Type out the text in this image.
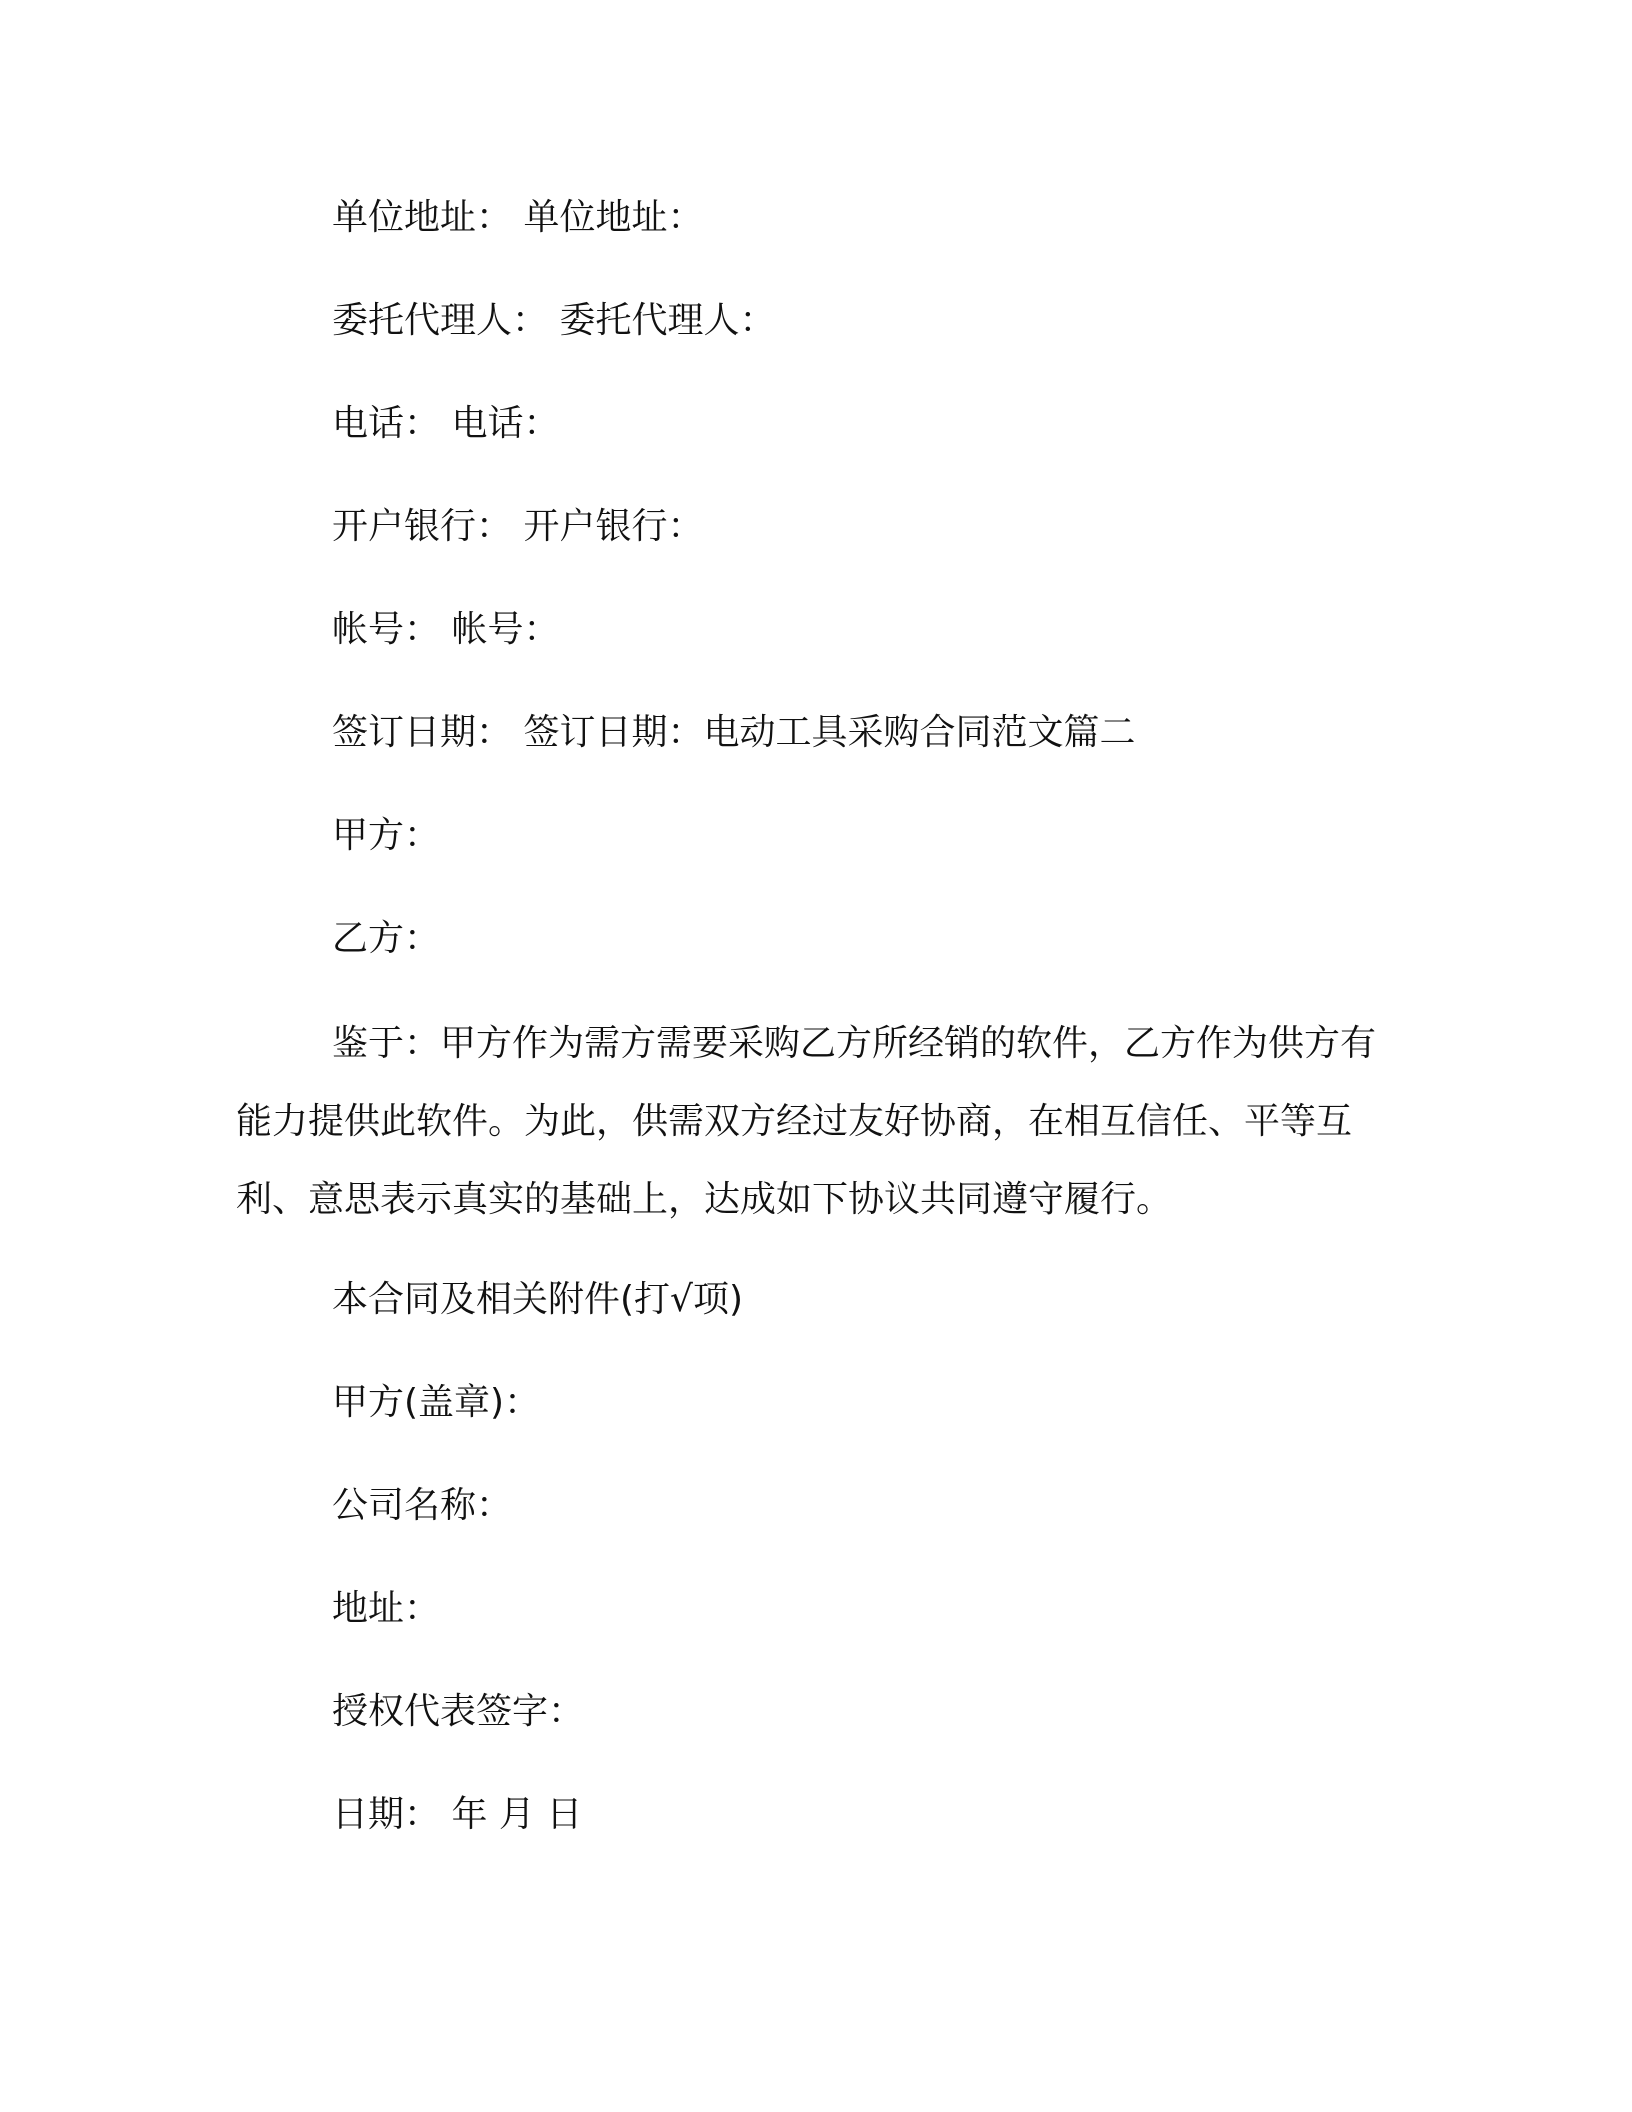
单位地址： 单位地址：
委托代理人： 委托代理人：
电话： 电话：
开户银行： 开户银行：
帐号： 帐号：
签订日期： 签订日期：电动工具采购合同范文篇二
甲方：
乙方：

鉴于：甲方作为需方需要采购乙方所经销的软件，乙方作为供方有能力提供此软件。为此，供需双方经过友好协商，在相互信任、平等互利、意思表示真实的基础上，达成如下协议共同遵守履行。

本合同及相关附件(打√项)
甲方(盖章)：
公司名称：
地址：
授权代表签字：
日期： 年 月 日
